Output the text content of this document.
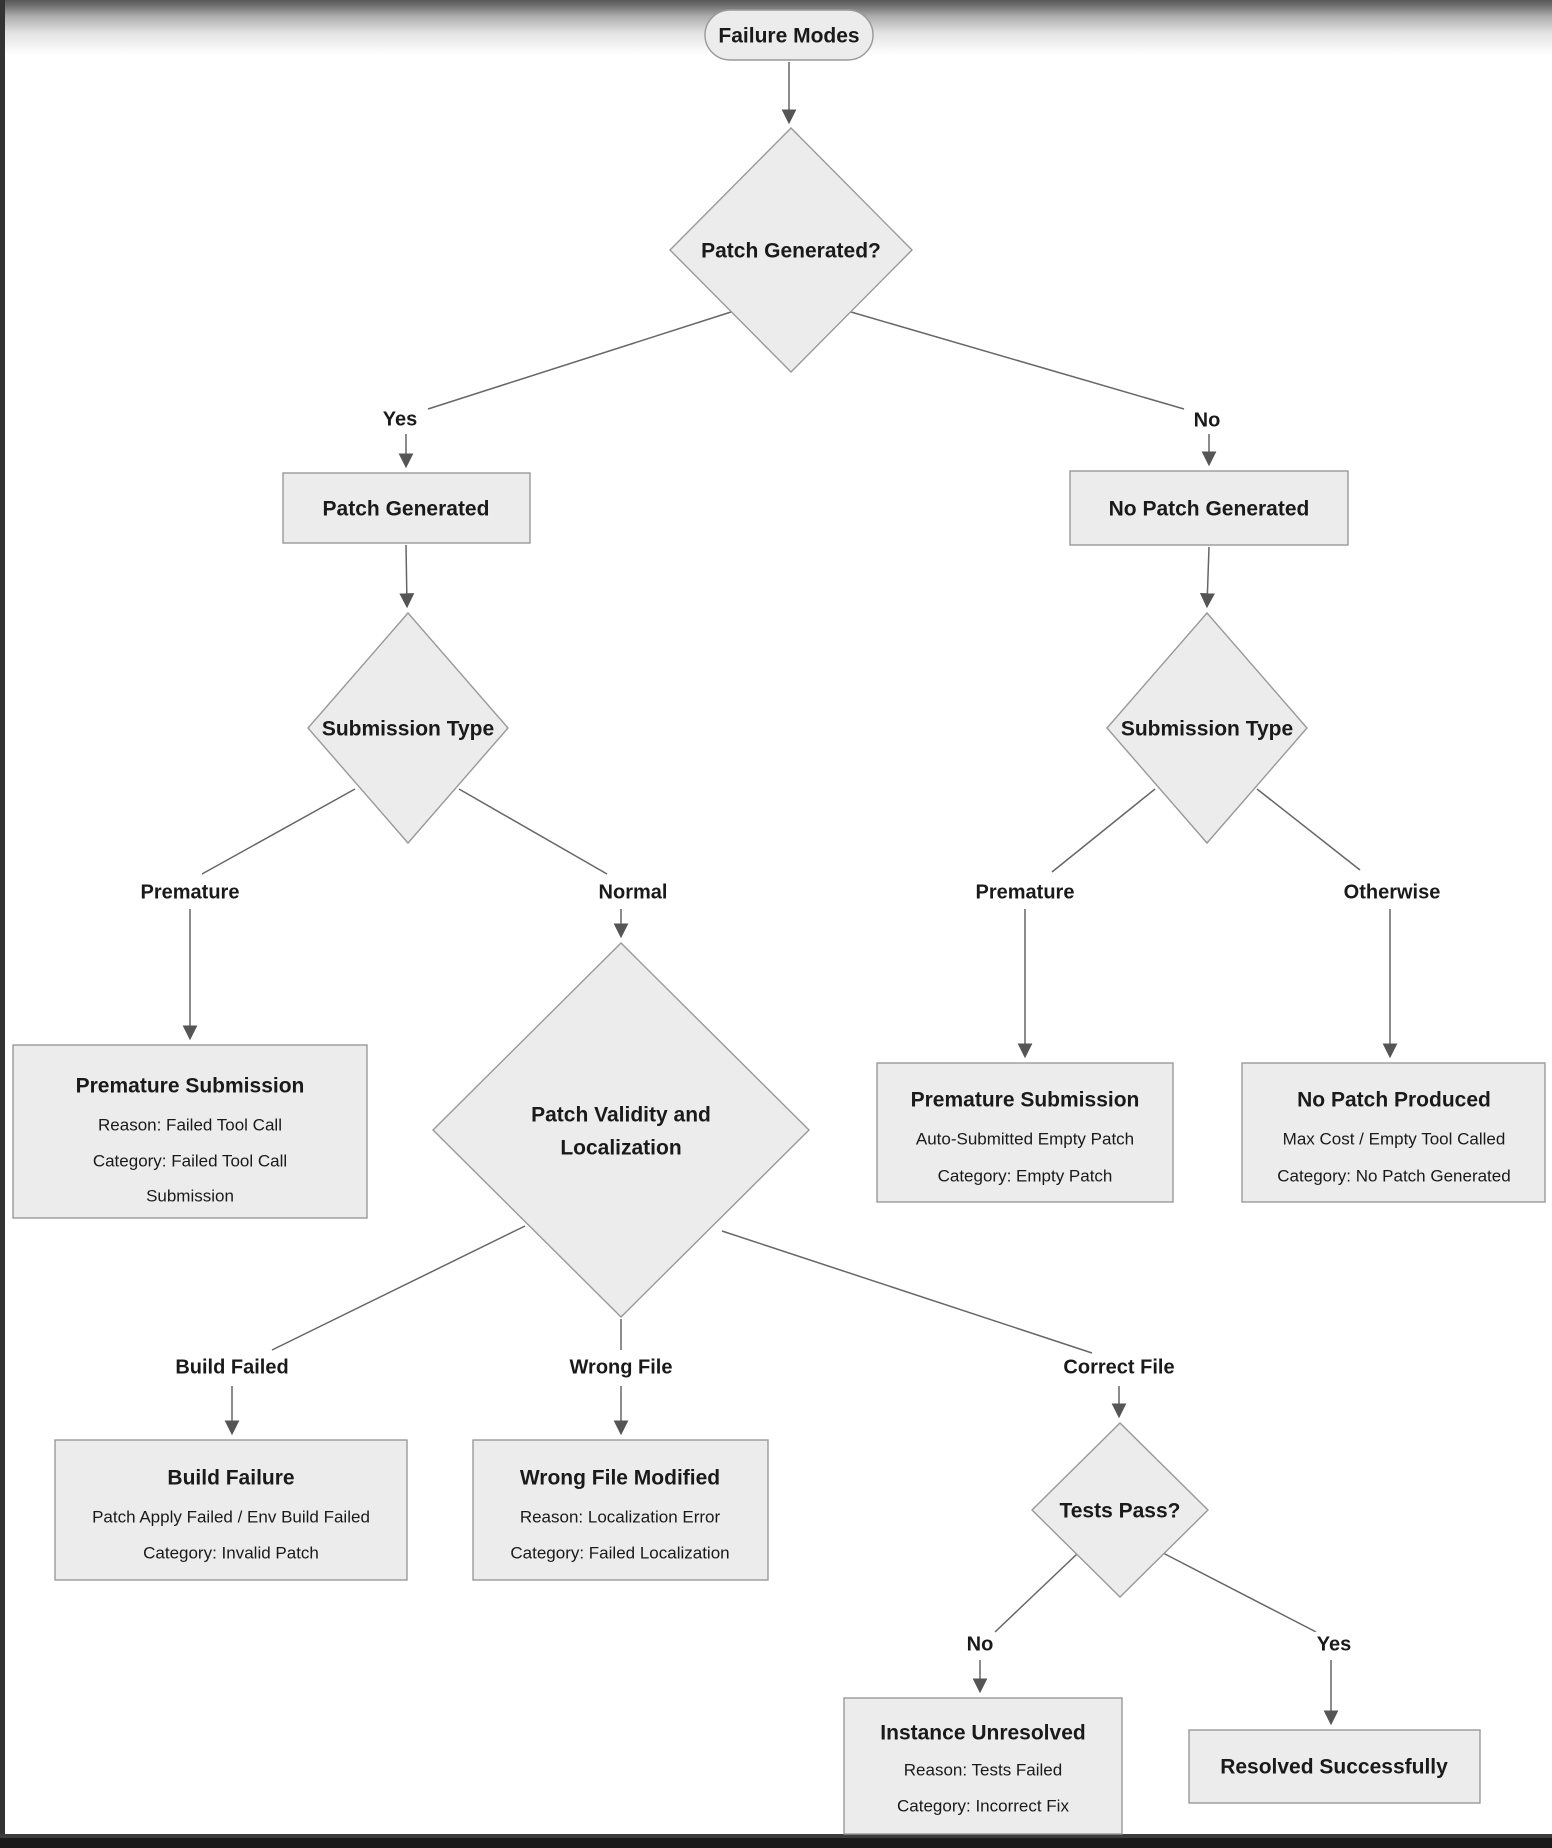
Failure Modes
Patch Generated?
Patch Generated	No Patch Generated
Submission Type	Submission Type
Premature Submission
Reason: Failed Tool Call
Category: Failed Tool Call
Submission
Patch Validity and
Localization
Premature Submission
Auto-Submitted Empty Patch
Category: Empty Patch
No Patch Produced
Max Cost / Empty Tool Called
Category: No Patch Generated
Build Failure
Patch Apply Failed / Env Build Failed
Category: Invalid Patch
Wrong File Modified
Reason: Localization Error
Category: Failed Localization
Tests Pass?
Instance Unresolved
Reason: Tests Failed
Category: Incorrect Fix
Resolved Successfully
Yes	No
Premature	Normal	Premature	Otherwise
Build Failed	Wrong File	Correct File
No	Yes
